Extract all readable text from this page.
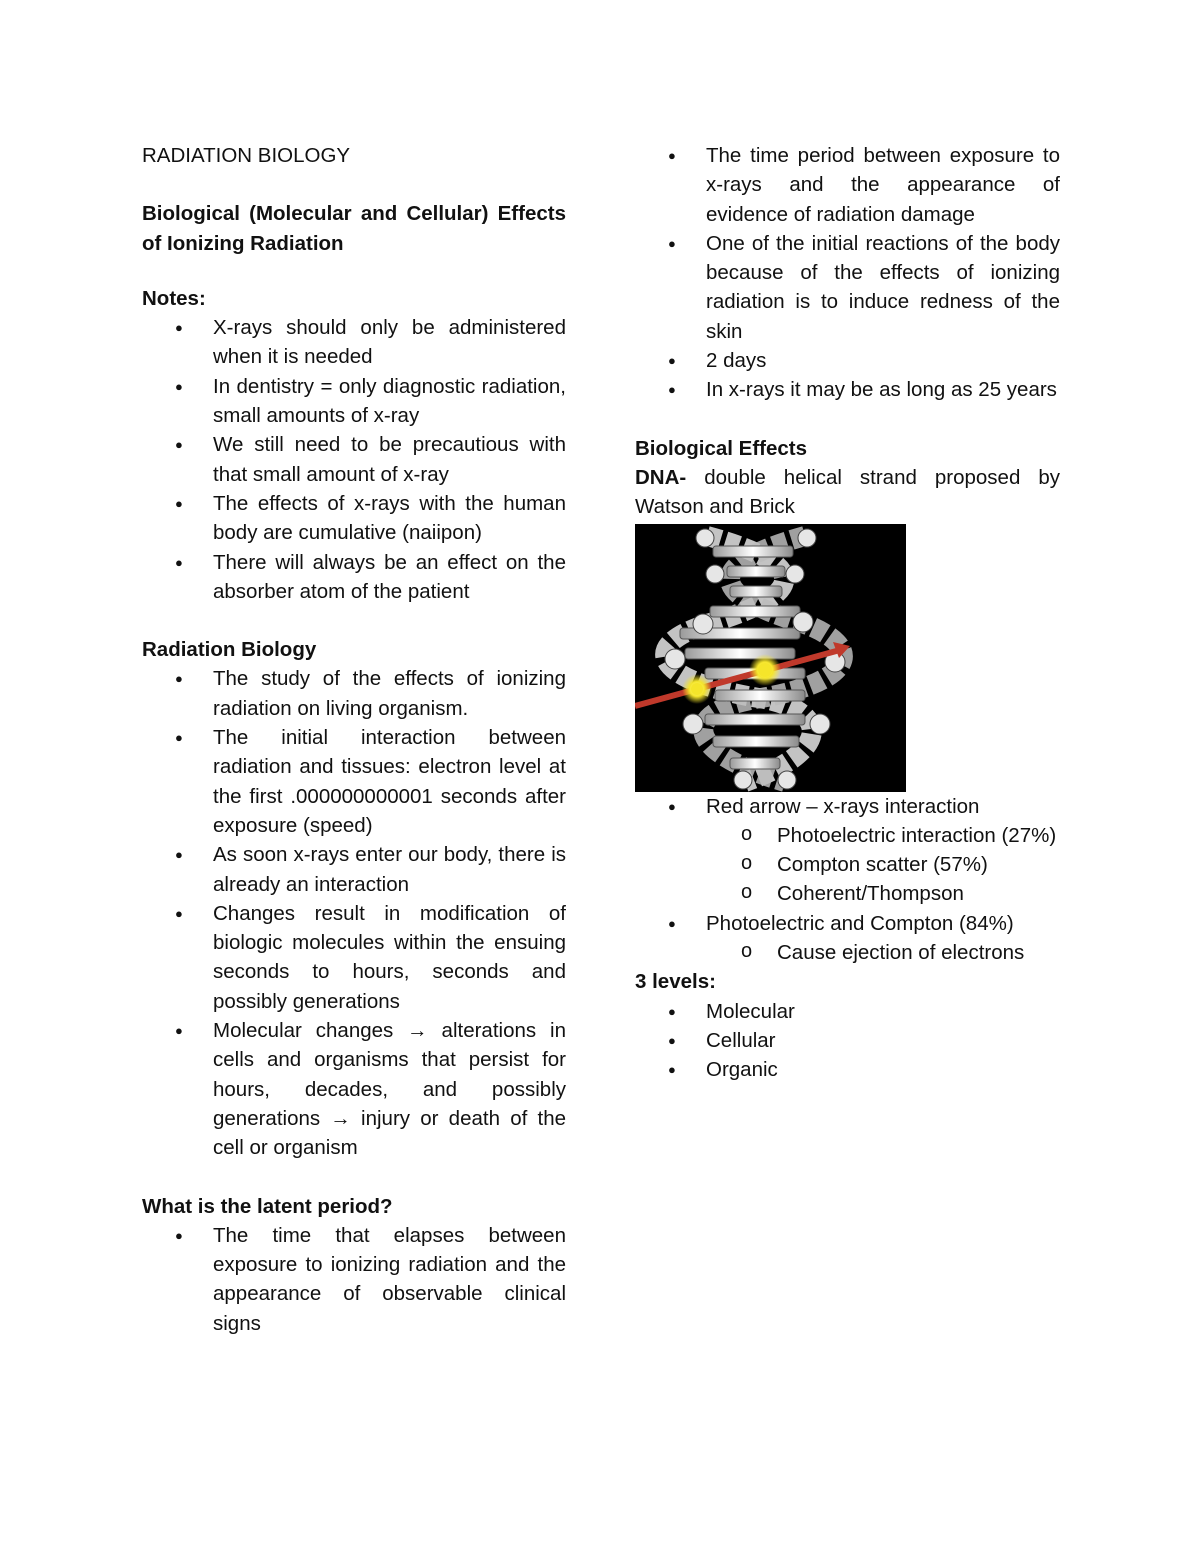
RADIATION BIOLOGY
Biological (Molecular and Cellular) Effects of Ionizing Radiation
Notes:
● X-rays should only be administered when it is needed
● In dentistry = only diagnostic radiation, small amounts of x-ray
● We still need to be precautious with that small amount of x-ray
● The effects of x-rays with the human body are cumulative (naiipon)
● There will always be an effect on the absorber atom of the patient
Radiation Biology
● The study of the effects of ionizing radiation on living organism.
● The initial interaction between radiation and tissues: electron level at the first .000000000001 seconds after exposure (speed)
● As soon x-rays enter our body, there is already an interaction
● Changes result in modification of biologic molecules within the ensuing seconds to hours, seconds and possibly generations
● Molecular changes → alterations in cells and organisms that persist for hours, decades, and possibly generations → injury or death of the cell or organism
What is the latent period?
● The time that elapses between exposure to ionizing radiation and the appearance of observable clinical signs
● The time period between exposure to x-rays and the appearance of evidence of radiation damage
● One of the initial reactions of the body because of the effects of ionizing radiation is to induce redness of the skin
● 2 days
● In x-rays it may be as long as 25 years
Biological Effects
DNA- double helical strand proposed by Watson and Brick
● Red arrow – x-rays interaction
o Photoelectric interaction (27%)
o Compton scatter (57%)
o Coherent/Thompson
● Photoelectric and Compton (84%)
o Cause ejection of electrons
3 levels:
● Molecular
● Cellular
● Organic
